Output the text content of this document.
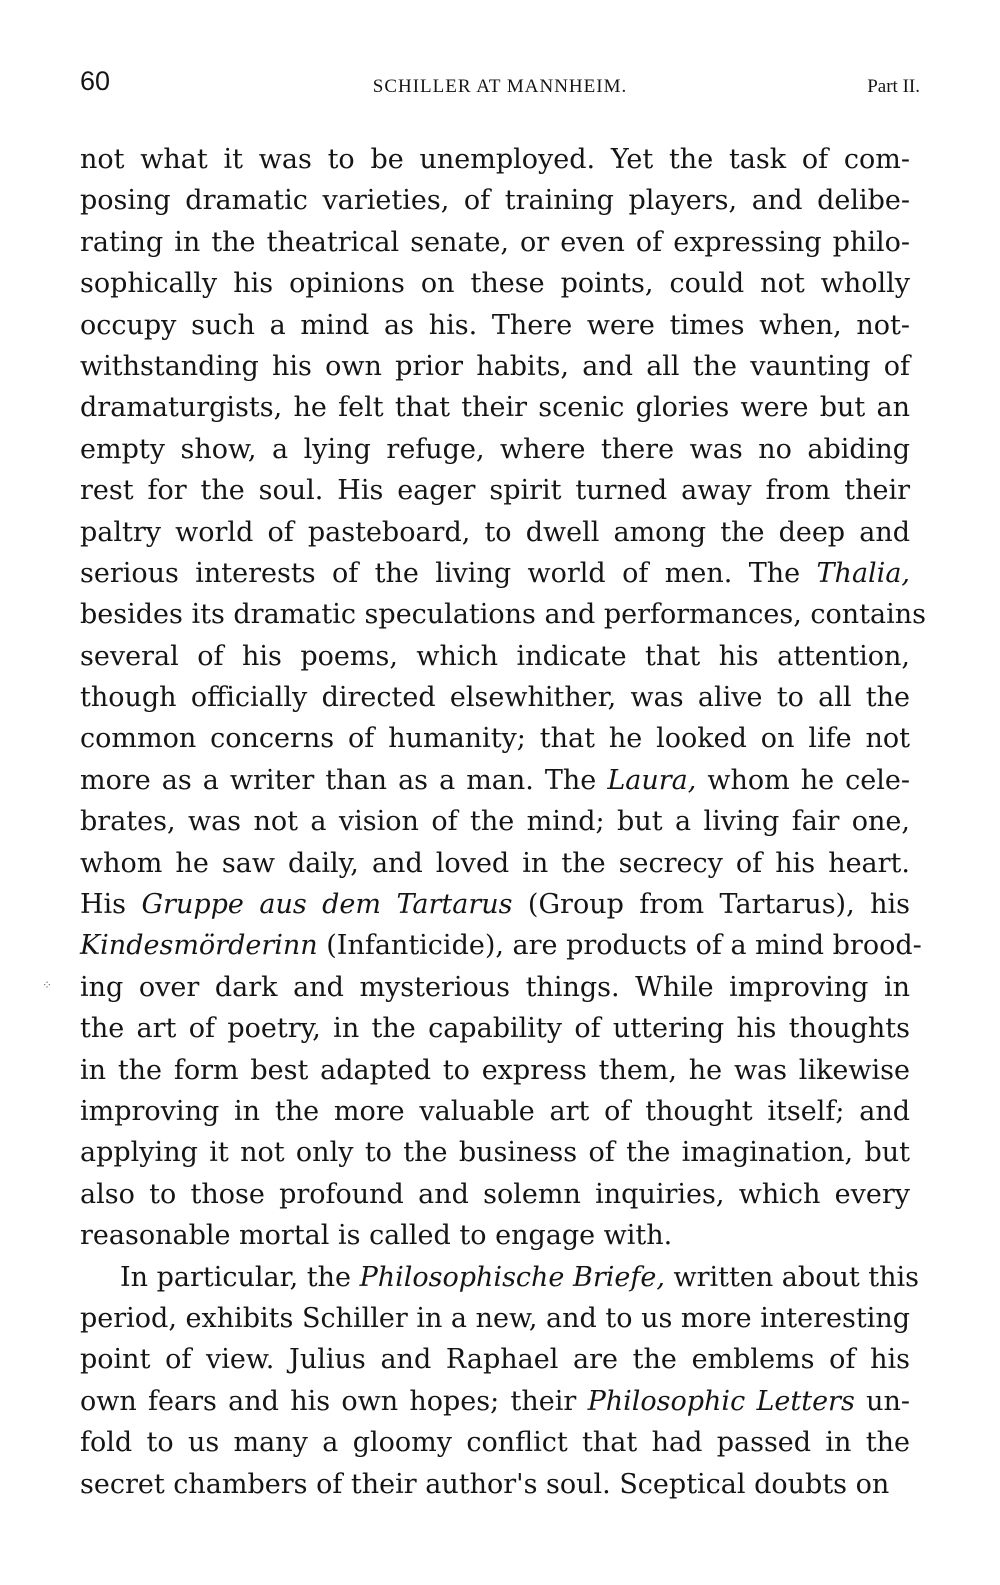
60	SCHILLER AT MANNHEIM.	Part II.
not what it was to be unemployed. Yet the task of com-
posing dramatic varieties, of training players, and delibe-
rating in the theatrical senate, or even of expressing philo-
sophically his opinions on these points, could not wholly
occupy such a mind as his. There were times when, not-
withstanding his own prior habits, and all the vaunting of
dramaturgists, he felt that their scenic glories were but an
empty show, a lying refuge, where there was no abiding
rest for the soul. His eager spirit turned away from their
paltry world of pasteboard, to dwell among the deep and
serious interests of the living world of men. The Thalia,
besides its dramatic speculations and performances, contains
several of his poems, which indicate that his attention,
though officially directed elsewhither, was alive to all the
common concerns of humanity; that he looked on life not
more as a writer than as a man. The Laura, whom he cele-
brates, was not a vision of the mind; but a living fair one,
whom he saw daily, and loved in the secrecy of his heart.
His Gruppe aus dem Tartarus (Group from Tartarus), his
Kindesmörderinn (Infanticide), are products of a mind brood-
ing over dark and mysterious things. While improving in
the art of poetry, in the capability of uttering his thoughts
in the form best adapted to express them, he was likewise
improving in the more valuable art of thought itself; and
applying it not only to the business of the imagination, but
also to those profound and solemn inquiries, which every
reasonable mortal is called to engage with.
In particular, the Philosophische Briefe, written about this
period, exhibits Schiller in a new, and to us more interesting
point of view. Julius and Raphael are the emblems of his
own fears and his own hopes; their Philosophic Letters un-
fold to us many a gloomy conflict that had passed in the
secret chambers of their author's soul. Sceptical doubts on
⁘
